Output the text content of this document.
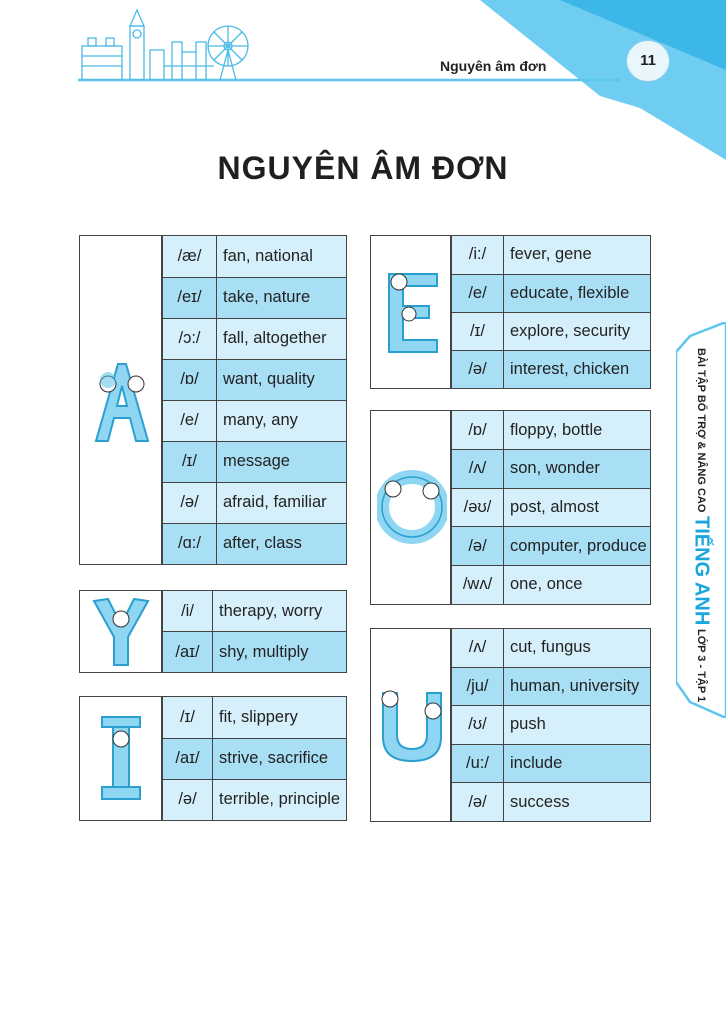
Nguyên âm đơn	11
NGUYÊN ÂM ĐƠN
BÀI TẬP BỔ TRỢ & NÂNG CAO
TIẾNG ANH
LỚP 3 - TẬP 1
/æ/	fan, national
/eɪ/	take, nature
/ɔ:/	fall, altogether
/ɒ/	want, quality
/e/	many, any
/ɪ/	message
/ə/	afraid, familiar
/ɑ:/	after, class
/i/	therapy, worry
/aɪ/	shy, multiply
/ɪ/	fit, slippery
/aɪ/	strive, sacrifice
/ə/	terrible, principle
/i:/	fever, gene
/e/	educate, flexible
/ɪ/	explore, security
/ə/	interest, chicken
/ɒ/	floppy, bottle
/ʌ/	son, wonder
/əʊ/	post, almost
/ə/	computer, produce
/wʌ/	one, once
/ʌ/	cut, fungus
/ju/	human, university
/ʊ/	push
/u:/	include
/ə/	success
